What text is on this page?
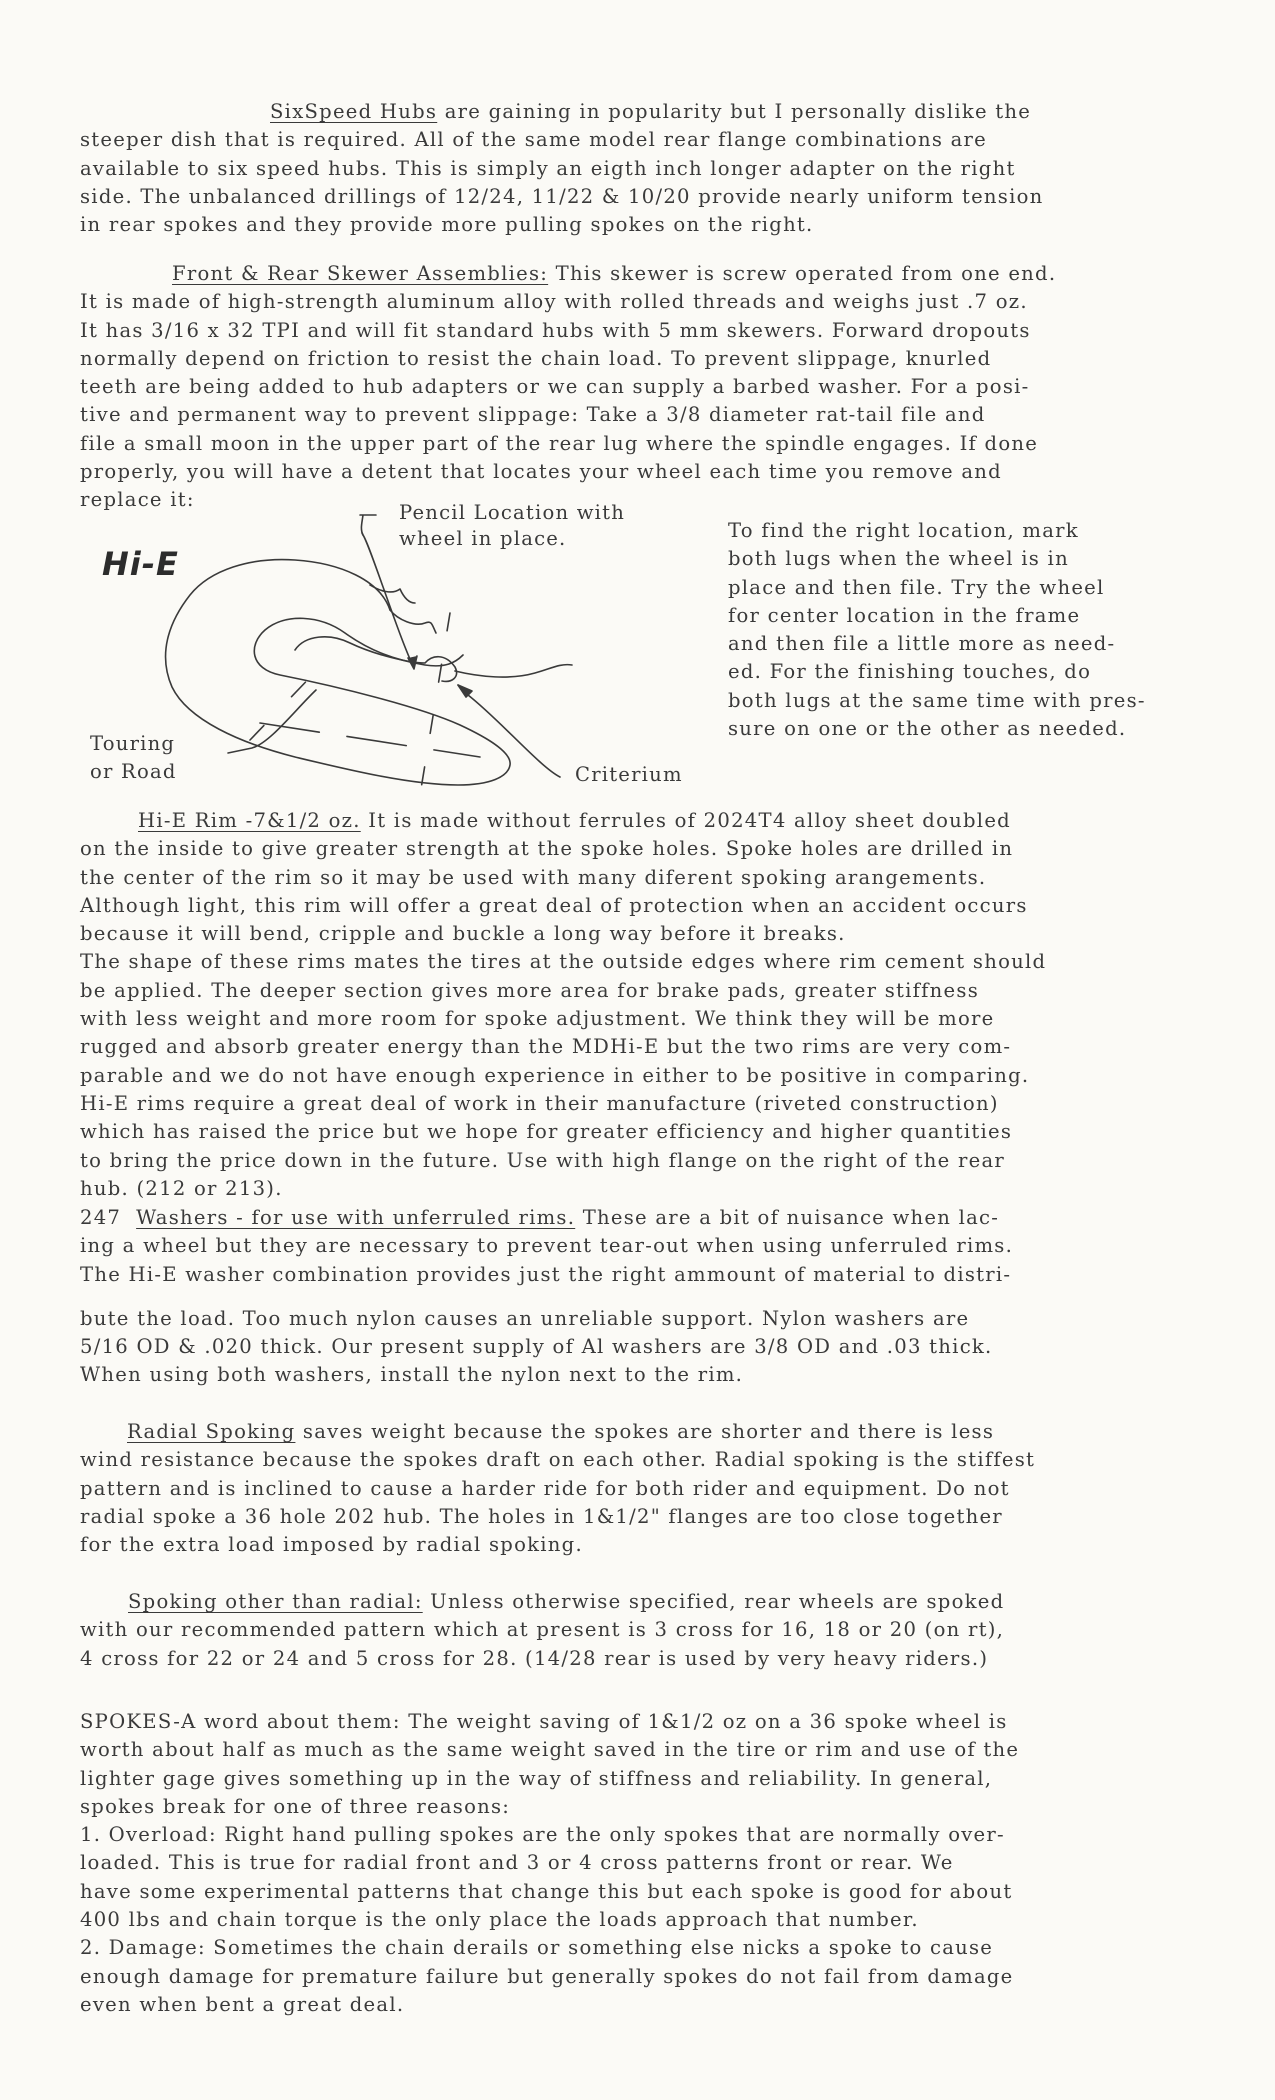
SixSpeed Hubs are gaining in popularity but I personally dislike the
steeper dish that is required. All of the same model rear flange combinations are
available to six speed hubs. This is simply an eigth inch longer adapter on the right
side. The unbalanced drillings of 12/24, 11/22 & 10/20 provide nearly uniform tension
in rear spokes and they provide more pulling spokes on the right.

Front & Rear Skewer Assemblies: This skewer is screw operated from one end.
It is made of high-strength aluminum alloy with rolled threads and weighs just .7 oz.
It has 3/16 x 32 TPI and will fit standard hubs with 5 mm skewers. Forward dropouts
normally depend on friction to resist the chain load. To prevent slippage, knurled
teeth are being added to hub adapters or we can supply a barbed washer. For a posi-
tive and permanent way to prevent slippage: Take a 3/8 diameter rat-tail file and
file a small moon in the upper part of the rear lug where the spindle engages. If done
properly, you will have a detent that locates your wheel each time you remove and
replace it:

Hi-E
Pencil Location with
wheel in place.
Touring
or Road	Criterium
To find the right location, mark
both lugs when the wheel is in
place and then file. Try the wheel
for center location in the frame
and then file a little more as need-
ed. For the finishing touches, do
both lugs at the same time with pres-
sure on one or the other as needed.

Hi-E Rim -7&1/2 oz. It is made without ferrules of 2024T4 alloy sheet doubled
on the inside to give greater strength at the spoke holes. Spoke holes are drilled in
the center of the rim so it may be used with many diferent spoking arangements.
Although light, this rim will offer a great deal of protection when an accident occurs
because it will bend, cripple and buckle a long way before it breaks.
The shape of these rims mates the tires at the outside edges where rim cement should
be applied. The deeper section gives more area for brake pads, greater stiffness
with less weight and more room for spoke adjustment. We think they will be more
rugged and absorb greater energy than the MDHi-E but the two rims are very com-
parable and we do not have enough experience in either to be positive in comparing.
Hi-E rims require a great deal of work in their manufacture (riveted construction)
which has raised the price but we hope for greater efficiency and higher quantities
to bring the price down in the future. Use with high flange on the right of the rear
hub. (212 or 213).

247  Washers - for use with unferruled rims. These are a bit of nuisance when lac-
ing a wheel but they are necessary to prevent tear-out when using unferruled rims.
The Hi-E washer combination provides just the right ammount of material to distri-
bute the load. Too much nylon causes an unreliable support. Nylon washers are
5/16 OD & .020 thick. Our present supply of Al washers are 3/8 OD and .03 thick.
When using both washers, install the nylon next to the rim.

Radial Spoking saves weight because the spokes are shorter and there is less
wind resistance because the spokes draft on each other. Radial spoking is the stiffest
pattern and is inclined to cause a harder ride for both rider and equipment. Do not
radial spoke a 36 hole 202 hub. The holes in 1&1/2" flanges are too close together
for the extra load imposed by radial spoking.

Spoking other than radial: Unless otherwise specified, rear wheels are spoked
with our recommended pattern which at present is 3 cross for 16, 18 or 20 (on rt),
4 cross for 22 or 24 and 5 cross for 28. (14/28 rear is used by very heavy riders.)

SPOKES-A word about them: The weight saving of 1&1/2 oz on a 36 spoke wheel is
worth about half as much as the same weight saved in the tire or rim and use of the
lighter gage gives something up in the way of stiffness and reliability. In general,
spokes break for one of three reasons:
1. Overload: Right hand pulling spokes are the only spokes that are normally over-
loaded. This is true for radial front and 3 or 4 cross patterns front or rear. We
have some experimental patterns that change this but each spoke is good for about
400 lbs and chain torque is the only place the loads approach that number.
2. Damage: Sometimes the chain derails or something else nicks a spoke to cause
enough damage for premature failure but generally spokes do not fail from damage
even when bent a great deal.
